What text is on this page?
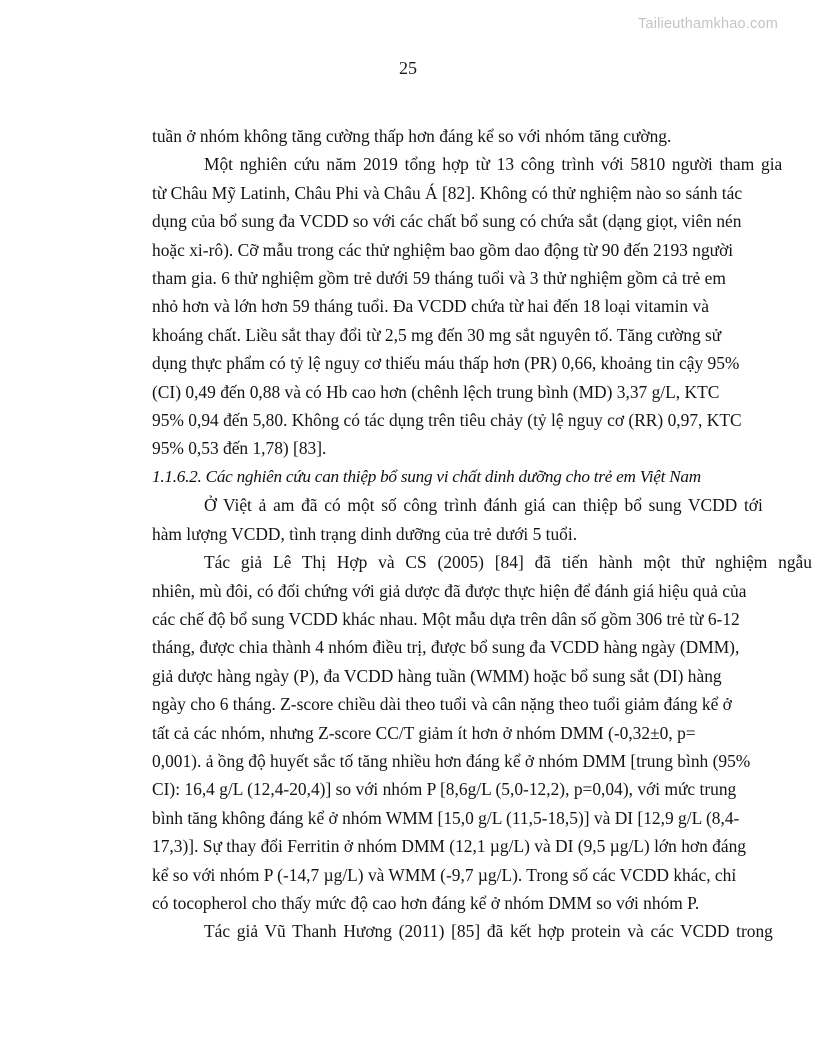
Tailieuthamkhao.com
25
tuần ở nhóm không tăng cường thấp hơn đáng kể so với nhóm tăng cường.
Một nghiên cứu năm 2019 tổng hợp từ 13 công trình với 5810 người tham gia
từ Châu Mỹ Latinh, Châu Phi và Châu Á [82]. Không có thử nghiệm nào so sánh tác
dụng của bổ sung đa VCDD so với các chất bổ sung có chứa sắt (dạng giọt, viên nén
hoặc xi-rô). Cỡ mẫu trong các thử nghiệm bao gồm dao động từ 90 đến 2193 người
tham gia. 6 thử nghiệm gồm trẻ dưới 59 tháng tuổi và 3 thử nghiệm gồm cả trẻ em
nhỏ hơn và lớn hơn 59 tháng tuổi. Đa VCDD chứa từ hai đến 18 loại vitamin và
khoáng chất. Liều sắt thay đổi từ 2,5 mg đến 30 mg sắt nguyên tố. Tăng cường sử
dụng thực phẩm có tỷ lệ nguy cơ thiếu máu thấp hơn (PR) 0,66, khoảng tin cậy 95%
(CI) 0,49 đến 0,88 và có Hb cao hơn (chênh lệch trung bình (MD) 3,37 g/L, KTC
95% 0,94 đến 5,80. Không có tác dụng trên tiêu chảy (tỷ lệ nguy cơ (RR) 0,97, KTC
95% 0,53 đến 1,78) [83].
1.1.6.2. Các nghiên cứu can thiệp bổ sung vi chất dinh dưỡng cho trẻ em Việt Nam
Ở Việt ả am đã có một số công trình đánh giá can thiệp bổ sung VCDD tới
hàm lượng VCDD, tình trạng dinh dưỡng của trẻ dưới 5 tuổi.
Tác giả Lê Thị Hợp và CS (2005) [84] đã tiến hành một thử nghiệm ngẫu
nhiên, mù đôi, có đối chứng với giả dược đã được thực hiện để đánh giá hiệu quả của
các chế độ bổ sung VCDD khác nhau. Một mẫu dựa trên dân số gồm 306 trẻ từ 6-12
tháng, được chia thành 4 nhóm điều trị, được bổ sung đa VCDD hàng ngày (DMM),
giả dược hàng ngày (P), đa VCDD hàng tuần (WMM) hoặc bổ sung sắt (DI) hàng
ngày cho 6 tháng. Z-score chiều dài theo tuổi và cân nặng theo tuổi giảm đáng kể ở
tất cả các nhóm, nhưng Z-score CC/T giảm ít hơn ở nhóm DMM (-0,32±0, p=
0,001). ả ồng độ huyết sắc tố tăng nhiều hơn đáng kể ở nhóm DMM [trung bình (95%
CI): 16,4 g/L (12,4-20,4)] so với nhóm P [8,6g/L (5,0-12,2), p=0,04), với mức trung
bình tăng không đáng kể ở nhóm WMM [15,0 g/L (11,5-18,5)] và DI [12,9 g/L (8,4-
17,3)]. Sự thay đổi Ferritin ở nhóm DMM (12,1 µg/L) và DI (9,5 µg/L) lớn hơn đáng
kể so với nhóm P (-14,7 µg/L) và WMM (-9,7 µg/L). Trong số các VCDD khác, chỉ
có tocopherol cho thấy mức độ cao hơn đáng kể ở nhóm DMM so với nhóm P.
Tác giả Vũ Thanh Hương (2011) [85] đã kết hợp protein và các VCDD trong
